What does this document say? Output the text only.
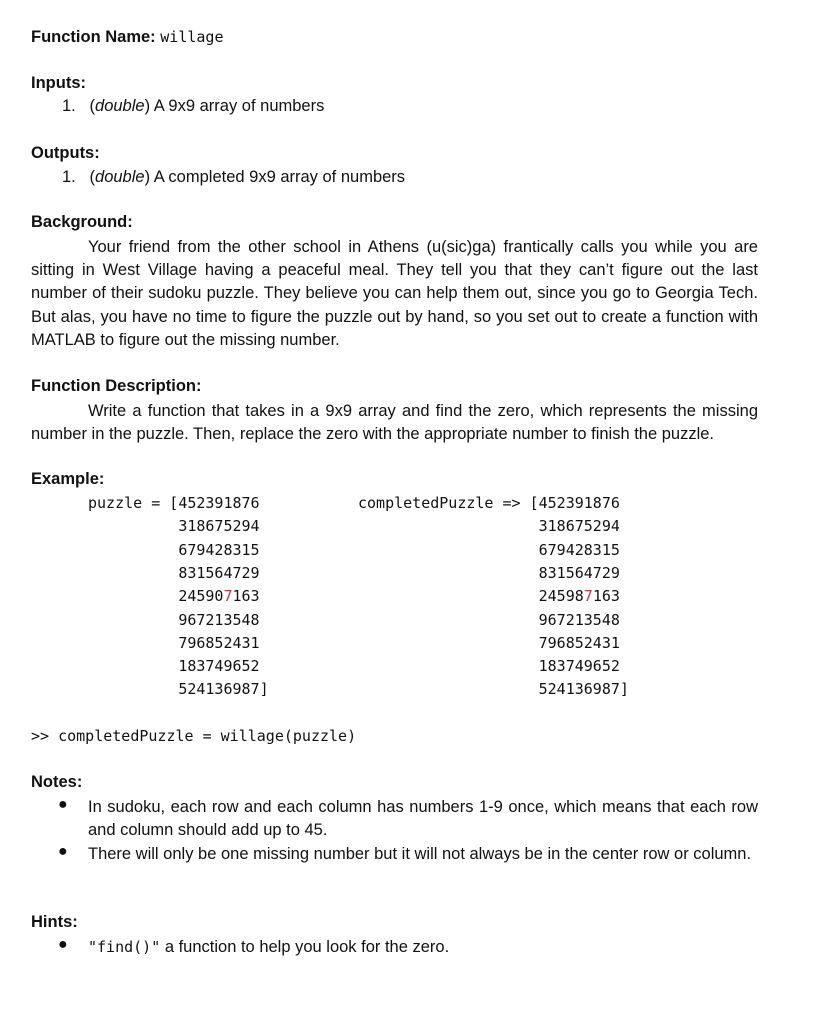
Function Name: willage
Inputs:
1.   (double) A 9x9 array of numbers
Outputs:
1.   (double) A completed 9x9 array of numbers
Background:
Your friend from the other school in Athens (u(sic)ga) frantically calls you while you are sitting in West Village having a peaceful meal. They tell you that they can’t figure out the last number of their sudoku puzzle. They believe you can help them out, since you go to Georgia Tech. But alas, you have no time to figure the puzzle out by hand, so you set out to create a function with MATLAB to figure out the missing number.
Function Description:
Write a function that takes in a 9x9 array and find the zero, which represents the missing number in the puzzle. Then, replace the zero with the appropriate number to finish the puzzle.
Example:
puzzle = [ 452391876
318675294
679428315
831564729
245907163
967213548
796852431
183749652
524136987]
completedPuzzle => [ 452391876
318675294
679428315
831564729
245987163
967213548
796852431
183749652
524136987]
>> completedPuzzle = willage(puzzle)
Notes:
● In sudoku, each row and each column has numbers 1-9 once, which means that each row and column should add up to 45.
● There will only be one missing number but it will not always be in the center row or column.
Hints:
● "find()" a function to help you look for the zero.
